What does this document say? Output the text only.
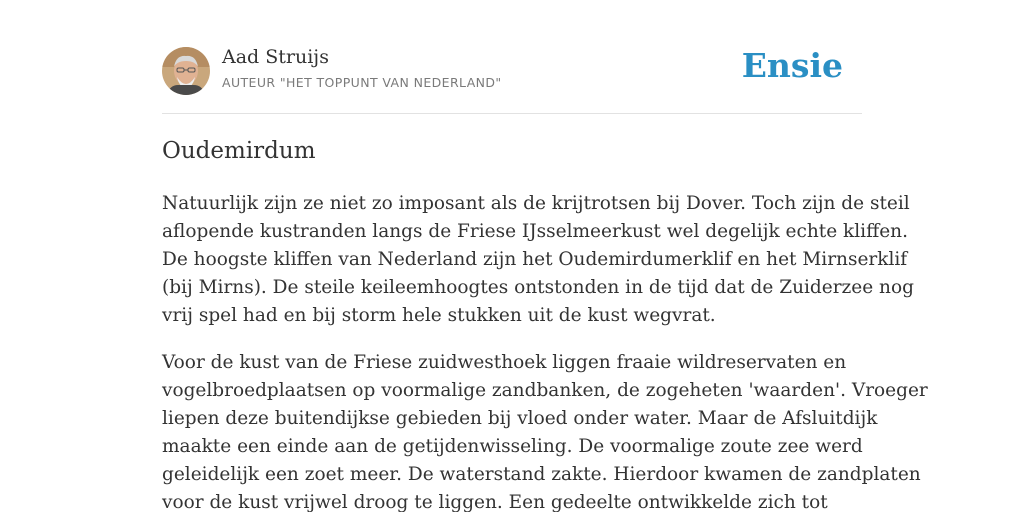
Aad Struijs
AUTEUR "HET TOPPUNT VAN NEDERLAND"	Ensie
Oudemirdum

Natuurlijk zijn ze niet zo imposant als de krijtrotsen bij Dover. Toch zijn de steil
aflopende kustranden langs de Friese IJsselmeerkust wel degelijk echte kliffen.
De hoogste kliffen van Nederland zijn het Oudemirdumerklif en het Mirnserklif
(bij Mirns). De steile keileemhoogtes ontstonden in de tijd dat de Zuiderzee nog
vrij spel had en bij storm hele stukken uit de kust wegvrat.

Voor de kust van de Friese zuidwesthoek liggen fraaie wildreservaten en
vogelbroedplaatsen op voormalige zandbanken, de zogeheten 'waarden'. Vroeger
liepen deze buitendijkse gebieden bij vloed onder water. Maar de Afsluitdijk
maakte een einde aan de getijdenwisseling. De voormalige zoute zee werd
geleidelijk een zoet meer. De waterstand zakte. Hierdoor kwamen de zandplaten
voor de kust vrijwel droog te liggen. Een gedeelte ontwikkelde zich tot
